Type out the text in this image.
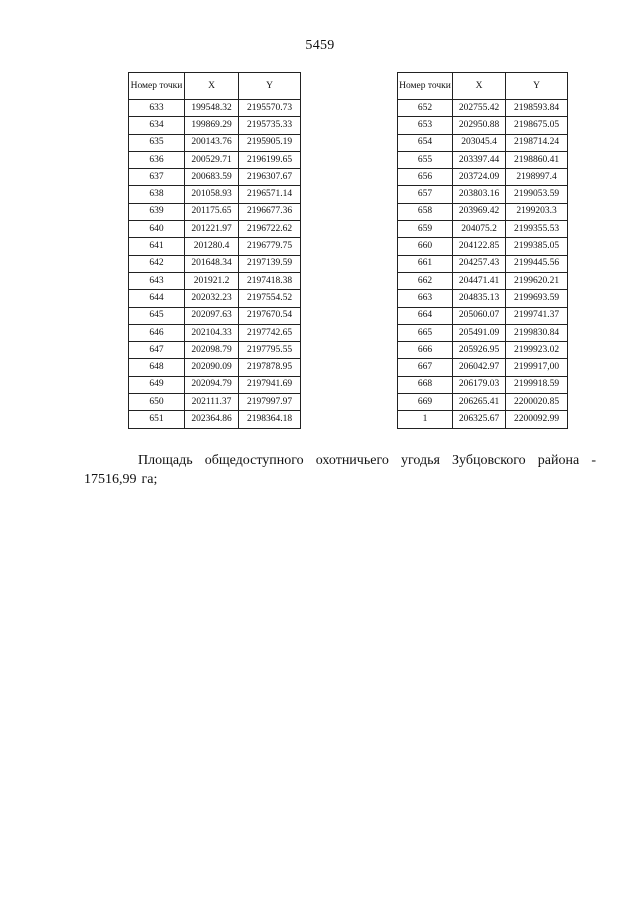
5459
Номер точки	X	Y
633	199548.32	2195570.73
634	199869.29	2195735.33
635	200143.76	2195905.19
636	200529.71	2196199.65
637	200683.59	2196307.67
638	201058.93	2196571.14
639	201175.65	2196677.36
640	201221.97	2196722.62
641	201280.4	2196779.75
642	201648.34	2197139.59
643	201921.2	2197418.38
644	202032.23	2197554.52
645	202097.63	2197670.54
646	202104.33	2197742.65
647	202098.79	2197795.55
648	202090.09	2197878.95
649	202094.79	2197941.69
650	202111.37	2197997.97
651	202364.86	2198364.18
Номер точки	X	Y
652	202755.42	2198593.84
653	202950.88	2198675.05
654	203045.4	2198714.24
655	203397.44	2198860.41
656	203724.09	2198997.4
657	203803.16	2199053.59
658	203969.42	2199203.3
659	204075.2	2199355.53
660	204122.85	2199385.05
661	204257.43	2199445.56
662	204471.41	2199620.21
663	204835.13	2199693.59
664	205060.07	2199741.37
665	205491.09	2199830.84
666	205926.95	2199923.02
667	206042.97	2199917,00
668	206179.03	2199918.59
669	206265.41	2200020.85
1	206325.67	2200092.99

Площадь общедоступного охотничьего угодья Зубцовского района - 17516,99 га;
